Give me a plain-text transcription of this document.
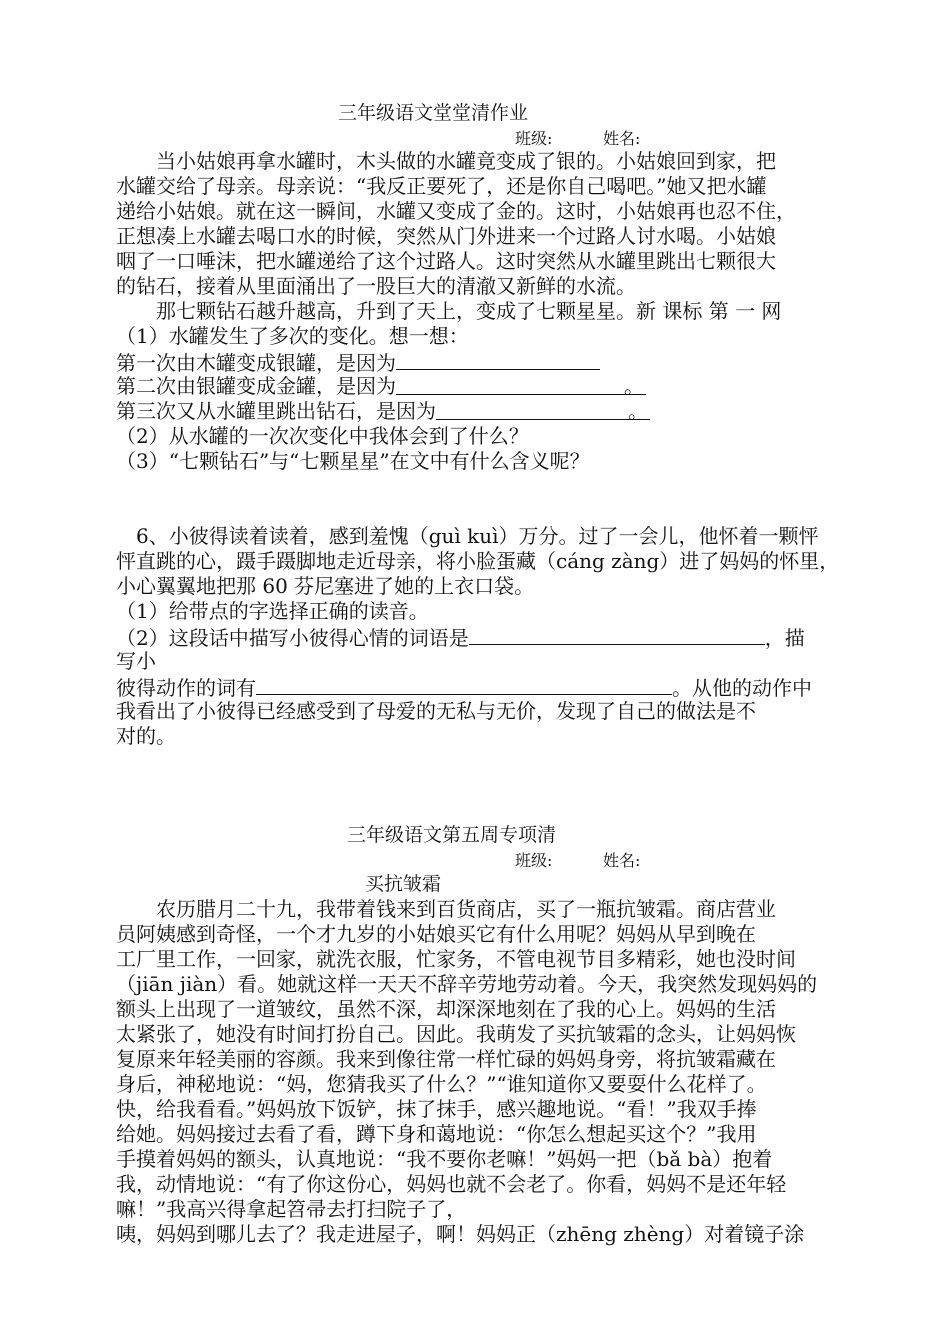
三年级语文堂堂清作业
班级:	姓名:
　　当小姑娘再拿水罐时，木头做的水罐竟变成了银的。小姑娘回到家，把
水罐交给了母亲。母亲说：“我反正要死了，还是你自己喝吧。”她又把水罐
递给小姑娘。就在这一瞬间，水罐又变成了金的。这时，小姑娘再也忍不住，
正想凑上水罐去喝口水的时候，突然从门外进来一个过路人讨水喝。小姑娘
咽了一口唾沫，把水罐递给了这个过路人。这时突然从水罐里跳出七颗很大
的钻石，接着从里面涌出了一股巨大的清澈又新鲜的水流。
　　那七颗钻石越升越高，升到了天上，变成了七颗星星。新 课标 第 一 网
（1）水罐发生了多次的变化。想一想：
第一次由木罐变成银罐，是因为
第二次由银罐变成金罐，是因为	。
第三次又从水罐里跳出钻石，是因为	。
（2）从水罐的一次次变化中我体会到了什么？
（3）“七颗钻石”与“七颗星星”在文中有什么含义呢？
　6、小彼得读着读着，感到羞愧（guì kuì）万分。过了一会儿，他怀着一颗怦
怦直跳的心，蹑手蹑脚地走近母亲，将小脸蛋藏（cáng zàng）进了妈妈的怀里，
小心翼翼地把那 60 芬尼塞进了她的上衣口袋。
（1）给带点的字选择正确的读音。
（2）这段话中描写小彼得心情的词语是	，描
写小
彼得动作的词有	。从他的动作中
我看出了小彼得已经感受到了母爱的无私与无价，发现了自己的做法是不
对的。
三年级语文第五周专项清
班级:	姓名:
买抗皱霜
　　农历腊月二十九，我带着钱来到百货商店，买了一瓶抗皱霜。商店营业
员阿姨感到奇怪，一个才九岁的小姑娘买它有什么用呢？妈妈从早到晚在
工厂里工作，一回家，就洗衣服，忙家务，不管电视节目多精彩，她也没时间
（jiān jiàn）看。她就这样一天天不辞辛劳地劳动着。今天，我突然发现妈妈的
额头上出现了一道皱纹，虽然不深，却深深地刻在了我的心上。妈妈的生活
太紧张了，她没有时间打扮自己。因此。我萌发了买抗皱霜的念头，让妈妈恢
复原来年轻美丽的容颜。我来到像往常一样忙碌的妈妈身旁，将抗皱霜藏在
身后，神秘地说：“妈，您猜我买了什么？”“谁知道你又要耍什么花样了。
快，给我看看。”妈妈放下饭铲，抹了抹手，感兴趣地说。“看！”我双手捧
给她。妈妈接过去看了看，蹲下身和蔼地说：“你怎么想起买这个？”我用
手摸着妈妈的额头，认真地说：“我不要你老嘛！”妈妈一把（bǎ bà）抱着
我，动情地说：“有了你这份心，妈妈也就不会老了。你看，妈妈不是还年轻
嘛！”我高兴得拿起笤帚去打扫院子了，
咦，妈妈到哪儿去了？我走进屋子，啊！妈妈正（zhēng zhèng）对着镜子涂
